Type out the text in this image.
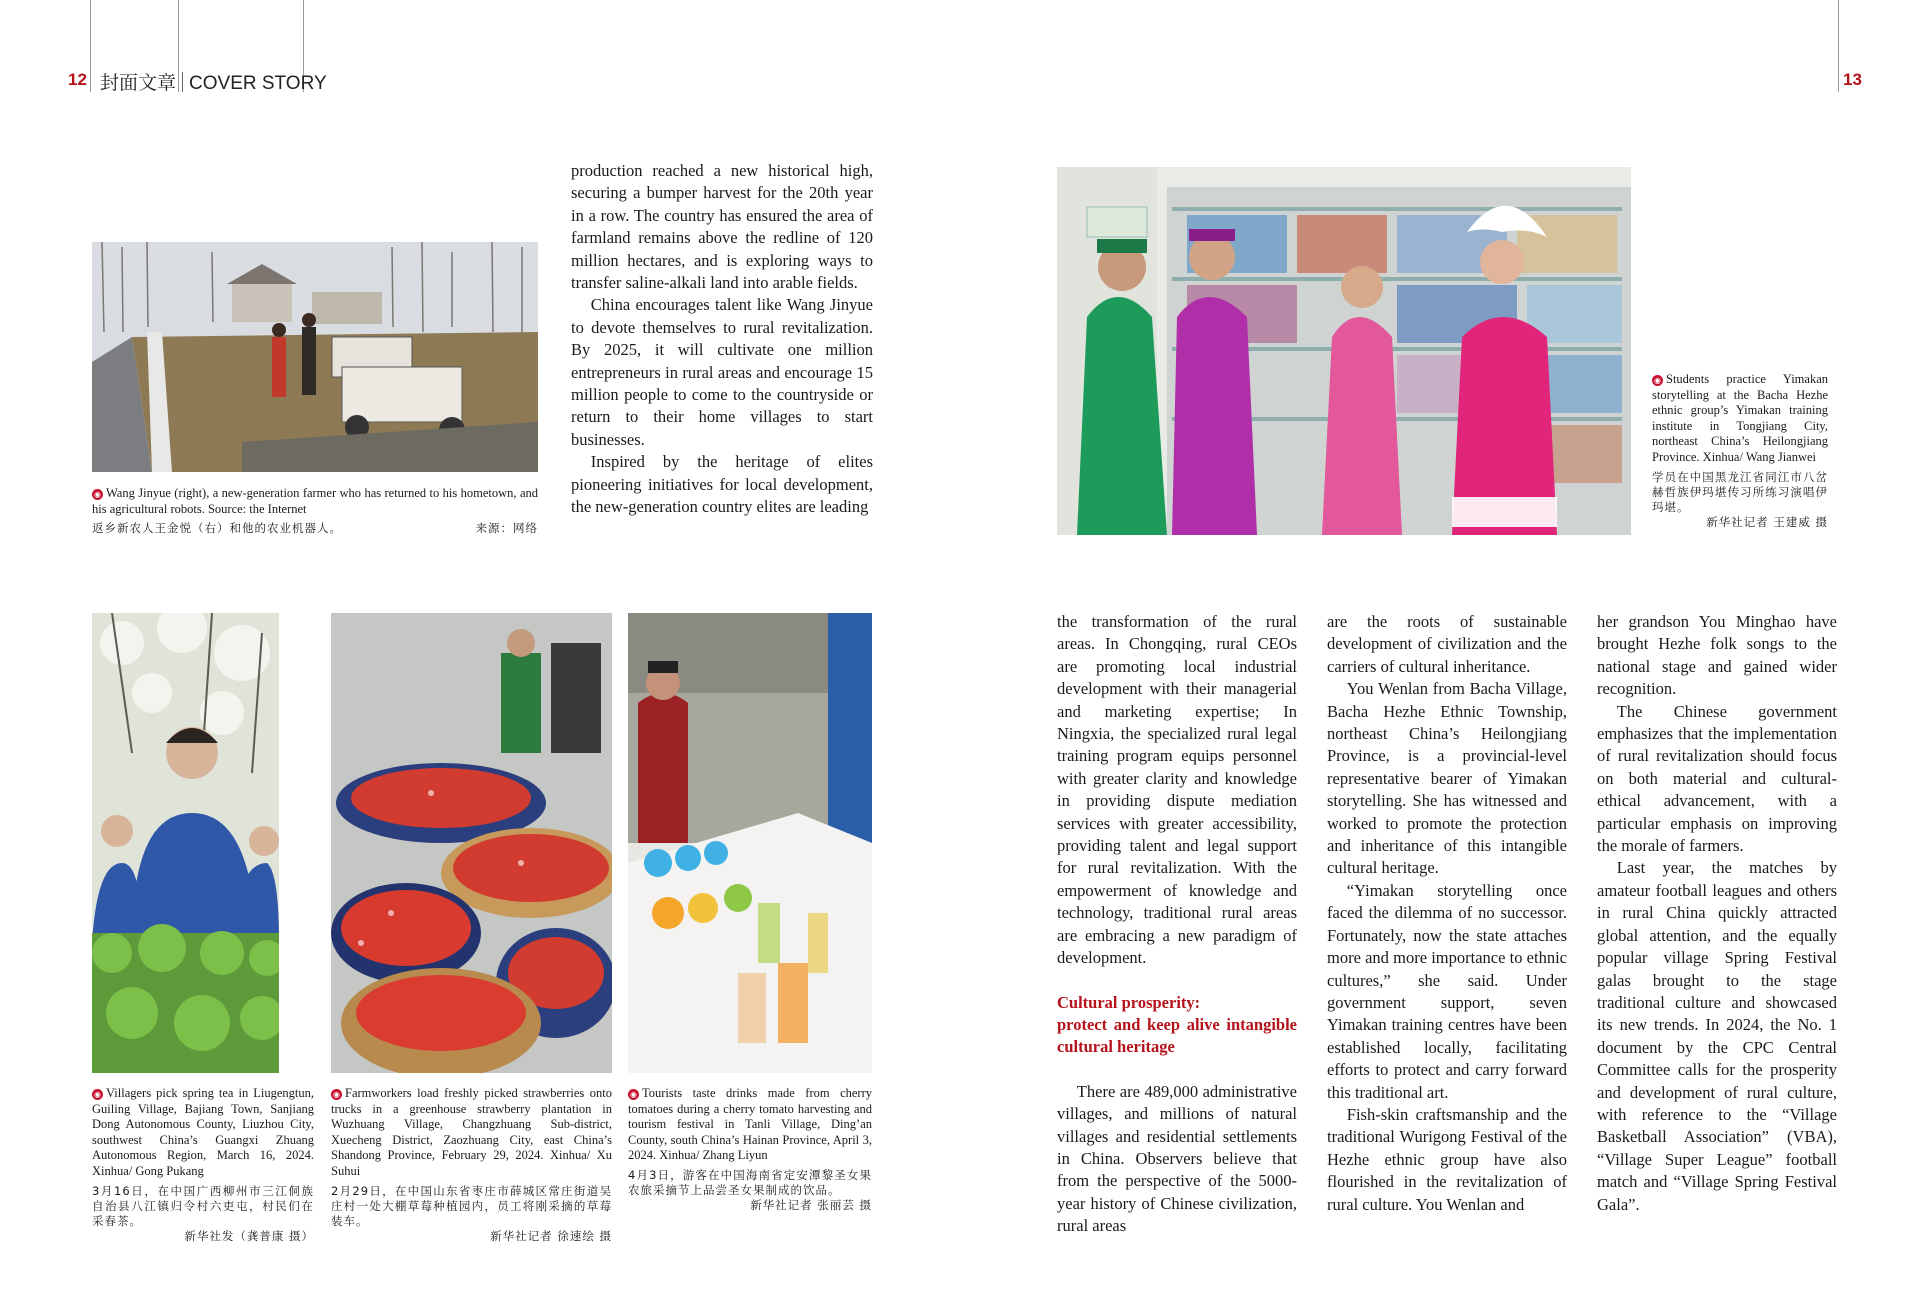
12 封面文章 COVER STORY	13
◉ Wang Jinyue (right), a new-generation farmer who has returned to his hometown, and his agricultural robots. Source: the Internet
返乡新农人王金悦（右）和他的农业机器人。	来源：网络

production reached a new historical high, securing a bumper harvest for the 20th year in a row. The country has ensured the area of farmland remains above the redline of 120 million hectares, and is exploring ways to transfer saline-alkali land into arable fields.

China encourages talent like Wang Jinyue to devote themselves to rural revitalization. By 2025, it will cultivate one million entrepreneurs in rural areas and encourage 15 million people to come to the countryside or return to their home villages to start businesses.

Inspired by the heritage of elites pioneering initiatives for local development, the new-generation country elites are leading

◉ Students practice Yimakan storytelling at the Bacha Hezhe ethnic group’s Yimakan training institute in Tongjiang City, northeast China’s Heilongjiang Province. Xinhua/ Wang Jianwei
学员在中国黑龙江省同江市八岔赫哲族伊玛堪传习所练习演唱伊玛堪。
新华社记者 王建威 摄
◉ Villagers pick spring tea in Liugengtun, Guiling Village, Bajiang Town, Sanjiang Dong Autonomous County, Liuzhou City, southwest China’s Guangxi Zhuang Autonomous Region, March 16, 2024. Xinhua/ Gong Pukang
3月16日，在中国广西柳州市三江侗族自治县八江镇归令村六吏屯，村民们在采春茶。
新华社发（龚普康 摄）
◉ Farmworkers load freshly picked strawberries onto trucks in a greenhouse strawberry plantation in Wuzhuang Village, Changzhuang Sub-district, Xuecheng District, Zaozhuang City, east China’s Shandong Province, February 29, 2024. Xinhua/ Xu Suhui
2月29日，在中国山东省枣庄市薛城区常庄街道吴庄村一处大棚草莓种植园内，员工将刚采摘的草莓装车。
新华社记者 徐速绘 摄
◉ Tourists taste drinks made from cherry tomatoes during a cherry tomato harvesting and tourism festival in Tanli Village, Ding’an County, south China’s Hainan Province, April 3, 2024. Xinhua/ Zhang Liyun
4月3日，游客在中国海南省定安潭黎圣女果农旅采摘节上品尝圣女果制成的饮品。
新华社记者 张丽芸 摄

the transformation of the rural areas. In Chongqing, rural CEOs are promoting local industrial development with their managerial and marketing expertise; In Ningxia, the specialized rural legal training program equips personnel with greater clarity and knowledge in providing dispute mediation services with greater accessibility, providing talent and legal support for rural revitalization. With the empowerment of knowledge and technology, traditional rural areas are embracing a new paradigm of development.

Cultural prosperity:
protect and keep alive intangible cultural heritage

There are 489,000 administrative villages, and millions of natural villages and residential settlements in China. Observers believe that from the perspective of the 5000-year history of Chinese civilization, rural areas

are the roots of sustainable development of civilization and the carriers of cultural inheritance.

You Wenlan from Bacha Village, Bacha Hezhe Ethnic Township, northeast China’s Heilongjiang Province, is a provincial-level representative bearer of Yimakan storytelling. She has witnessed and worked to promote the protection and inheritance of this intangible cultural heritage.

“Yimakan storytelling once faced the dilemma of no successor. Fortunately, now the state attaches more and more importance to ethnic cultures,” she said. Under government support, seven Yimakan training centres have been established locally, facilitating efforts to protect and carry forward this traditional art.

Fish-skin craftsmanship and the traditional Wurigong Festival of the Hezhe ethnic group have also flourished in the revitalization of rural culture. You Wenlan and

her grandson You Minghao have brought Hezhe folk songs to the national stage and gained wider recognition.

The Chinese government emphasizes that the implementation of rural revitalization should focus on both material and cultural-ethical advancement, with a particular emphasis on improving the morale of farmers.

Last year, the matches by amateur football leagues and others in rural China quickly attracted global attention, and the equally popular village Spring Festival galas brought to the stage traditional culture and showcased its new trends. In 2024, the No. 1 document by the CPC Central Committee calls for the prosperity and development of rural culture, with reference to the “Village Basketball Association” (VBA), “Village Super League” football match and “Village Spring Festival Gala”.
